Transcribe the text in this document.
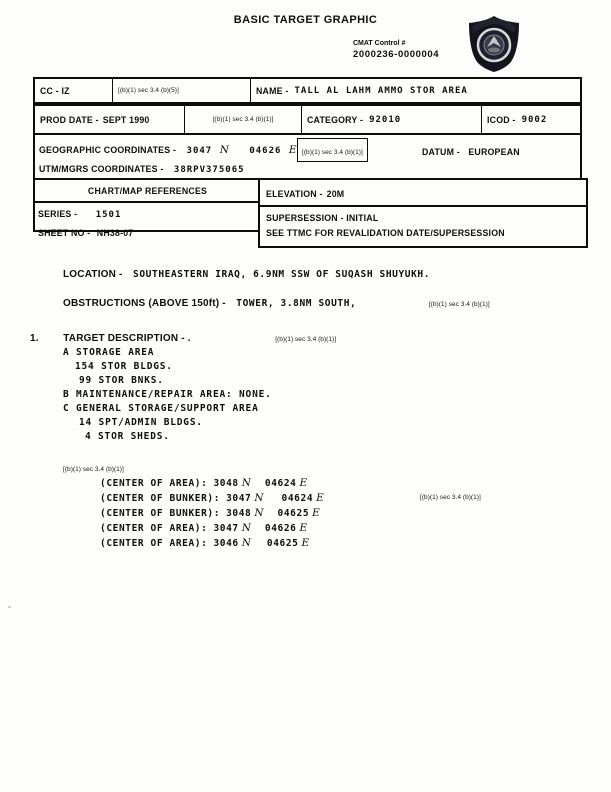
BASIC TARGET GRAPHIC
CMAT Control #
2000236-0000004
CC - IZ	[(b)(1) sec 3.4 (b)(5)]	NAME - TALL AL LAHM AMMO STOR AREA
PROD DATE - SEPT 1990	[(b)(1) sec 3.4 (b)(1)]	CATEGORY - 92010	ICOD - 9002
GEOGRAPHIC COORDINATES - 3047 N 04626 E [(b)(1) sec 3.4 (b)(1)]	DATUM - EUROPEAN
UTM/MGRS COORDINATES - 38RPV375065
CHART/MAP REFERENCES
SERIES - 1501
SHEET NO - NH38-07
ELEVATION - 20M
SUPERSESSION - INITIAL
SEE TTMC FOR REVALIDATION DATE/SUPERSESSION
LOCATION - SOUTHEASTERN IRAQ, 6.9NM SSW OF SUQASH SHUYUKH.
OBSTRUCTIONS (ABOVE 150ft) - TOWER, 3.8NM SOUTH,	[(b)(1) sec 3.4 (b)(1)]
1. TARGET DESCRIPTION - .	[(b)(1) sec 3.4 (b)(1)]
A STORAGE AREA
154 STOR BLDGS.
99 STOR BNKS.
B MAINTENANCE/REPAIR AREA: NONE.
C GENERAL STORAGE/SUPPORT AREA
14 SPT/ADMIN BLDGS.
4 STOR SHEDS.
[(b)(1) sec 3.4 (b)(1)]
[(b)(1) sec 3.4 (b)(1)]
(CENTER OF AREA): 3048 N 04624 E
(CENTER OF BUNKER): 3047 N 04624 E
(CENTER OF BUNKER): 3048 N 04625 E
(CENTER OF AREA): 3047 N 04626 E
(CENTER OF AREA): 3046 N 04625 E
